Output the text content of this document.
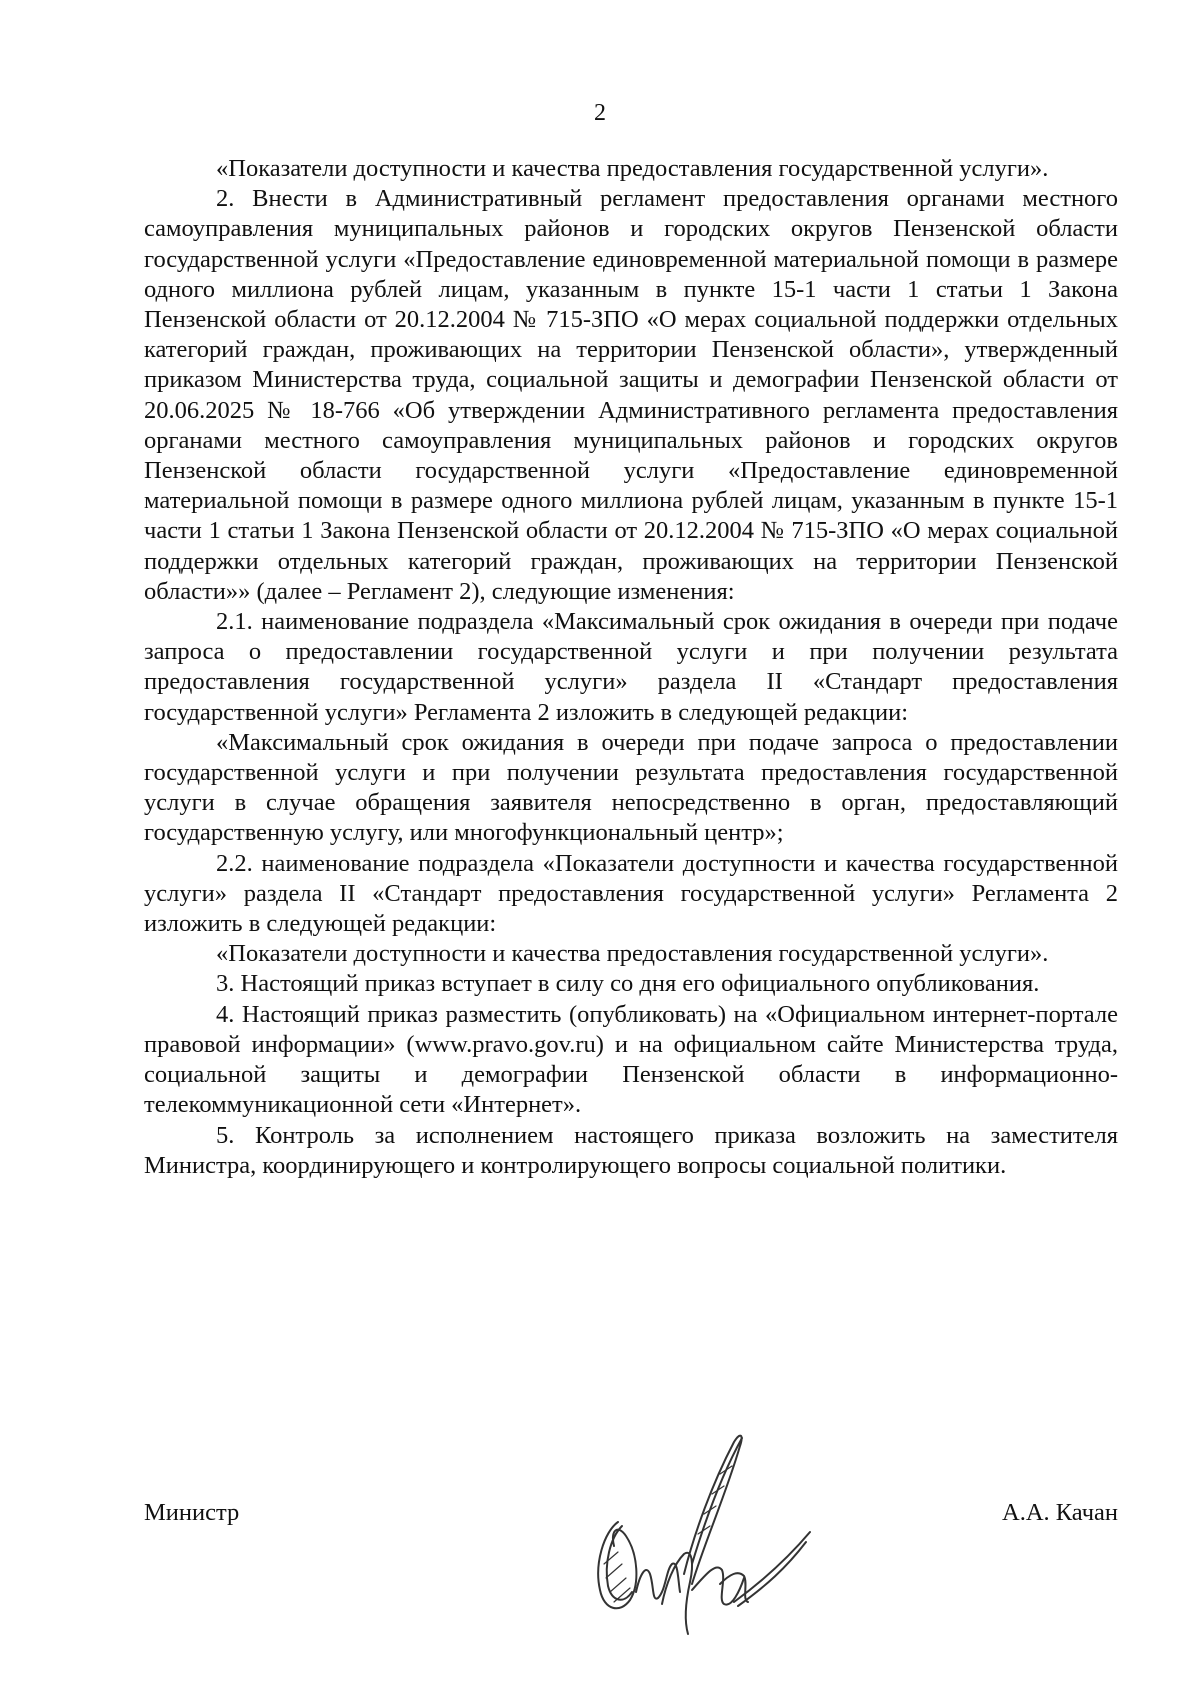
2

«Показатели доступности и качества предоставления государственной услуги».

2. Внести в Административный регламент предоставления органами местного самоуправления муниципальных районов и городских округов Пензенской области государственной услуги «Предоставление единовременной материальной помощи в размере одного миллиона рублей лицам, указанным в пункте 15-1 части 1 статьи 1 Закона Пензенской области от 20.12.2004 № 715-ЗПО «О мерах социальной поддержки отдельных категорий граждан, проживающих на территории Пензенской области», утвержденный приказом Министерства труда, социальной защиты и демографии Пензенской области от 20.06.2025 № 18-766 «Об утверждении Административного регламента предоставления органами местного самоуправления муниципальных районов и городских округов Пензенской области государственной услуги «Предоставление единовременной материальной помощи в размере одного миллиона рублей лицам, указанным в пункте 15-1 части 1 статьи 1 Закона Пензенской области от 20.12.2004 № 715-ЗПО «О мерах социальной поддержки отдельных категорий граждан, проживающих на территории Пензенской области»» (далее – Регламент 2), следующие изменения:

2.1. наименование подраздела «Максимальный срок ожидания в очереди при подаче запроса о предоставлении государственной услуги и при получении результата предоставления государственной услуги» раздела II «Стандарт предоставления государственной услуги» Регламента 2 изложить в следующей редакции:

«Максимальный срок ожидания в очереди при подаче запроса о предоставлении государственной услуги и при получении результата предоставления государственной услуги в случае обращения заявителя непосредственно в орган, предоставляющий государственную услугу, или многофункциональный центр»;

2.2. наименование подраздела «Показатели доступности и качества государственной услуги» раздела II «Стандарт предоставления государственной услуги» Регламента 2 изложить в следующей редакции:

«Показатели доступности и качества предоставления государственной услуги».

3. Настоящий приказ вступает в силу со дня его официального опубликования.

4. Настоящий приказ разместить (опубликовать) на «Официальном интернет-портале правовой информации» (www.pravo.gov.ru) и на официальном сайте Министерства труда, социальной защиты и демографии Пензенской области в информационно-телекоммуникационной сети «Интернет».

5. Контроль за исполнением настоящего приказа возложить на заместителя Министра, координирующего и контролирующего вопросы социальной политики.

Министр	А.А. Качан
